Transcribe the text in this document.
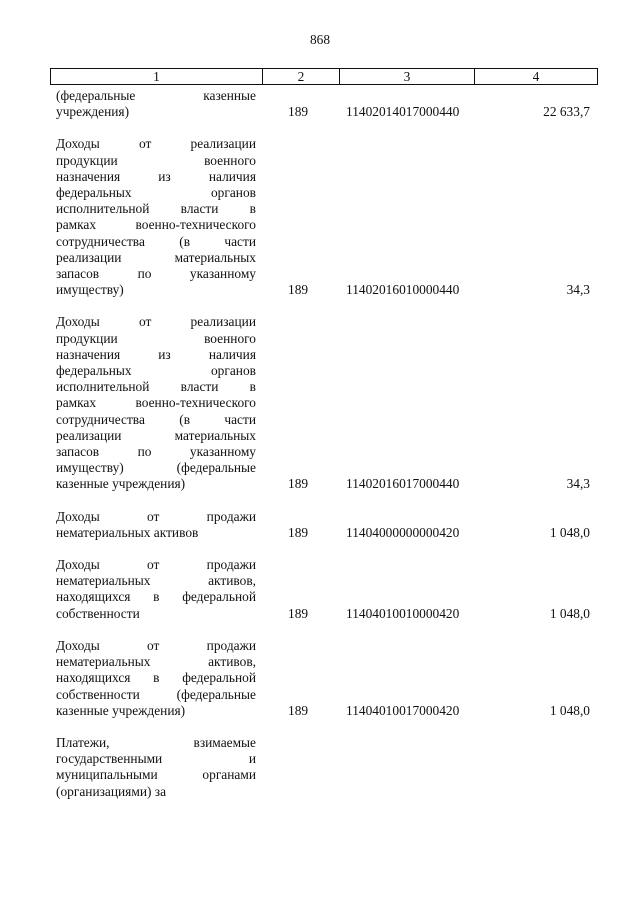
868
1	2	3	4
(федеральные казенные
учреждения)	189	11402014017000440	22 633,7
Доходы от реализации
продукции военного
назначения из наличия
федеральных органов
исполнительной власти в
рамках военно-технического
сотрудничества (в части
реализации материальных
запасов по указанному
имуществу)	189	11402016010000440	34,3
Доходы от реализации
продукции военного
назначения из наличия
федеральных органов
исполнительной власти в
рамках военно-технического
сотрудничества (в части
реализации материальных
запасов по указанному
имуществу) (федеральные
казенные учреждения)	189	11402016017000440	34,3
Доходы от продажи
нематериальных активов	189	11404000000000420	1 048,0
Доходы от продажи
нематериальных активов,
находящихся в федеральной
собственности	189	11404010010000420	1 048,0
Доходы от продажи
нематериальных активов,
находящихся в федеральной
собственности (федеральные
казенные учреждения)	189	11404010017000420	1 048,0
Платежи, взимаемые
государственными и
муниципальными органами
(организациями) за
